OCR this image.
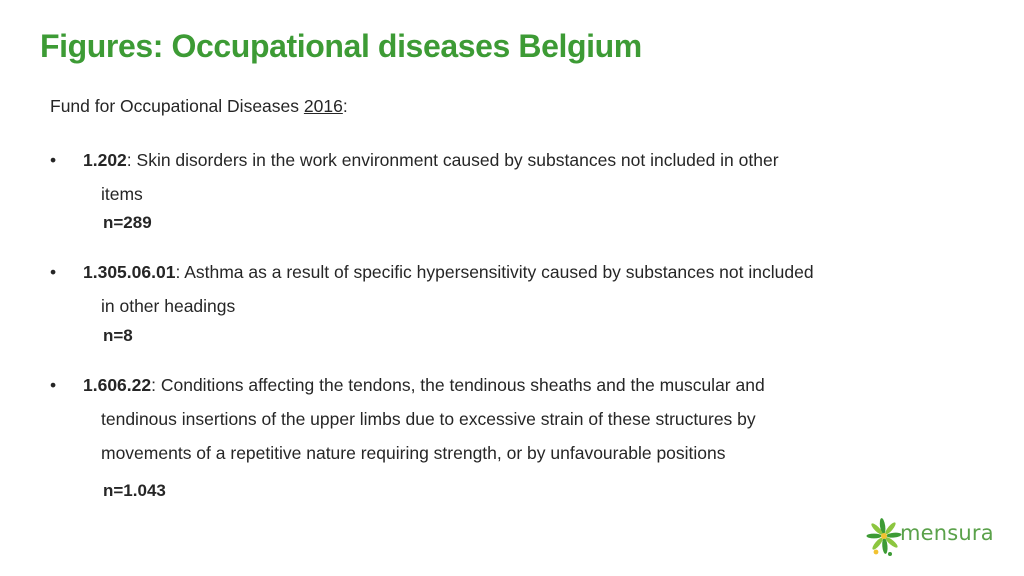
Figures: Occupational diseases Belgium
Fund for Occupational Diseases 2016:
• 1.202: Skin disorders in the work environment caused by substances not included in other
items
n=289
• 1.305.06.01: Asthma as a result of specific hypersensitivity caused by substances not included
in other headings
n=8
• 1.606.22: Conditions affecting the tendons, the tendinous sheaths and the muscular and
tendinous insertions of the upper limbs due to excessive strain of these structures by
movements of a repetitive nature requiring strength, or by unfavourable positions
n=1.043
mensura
